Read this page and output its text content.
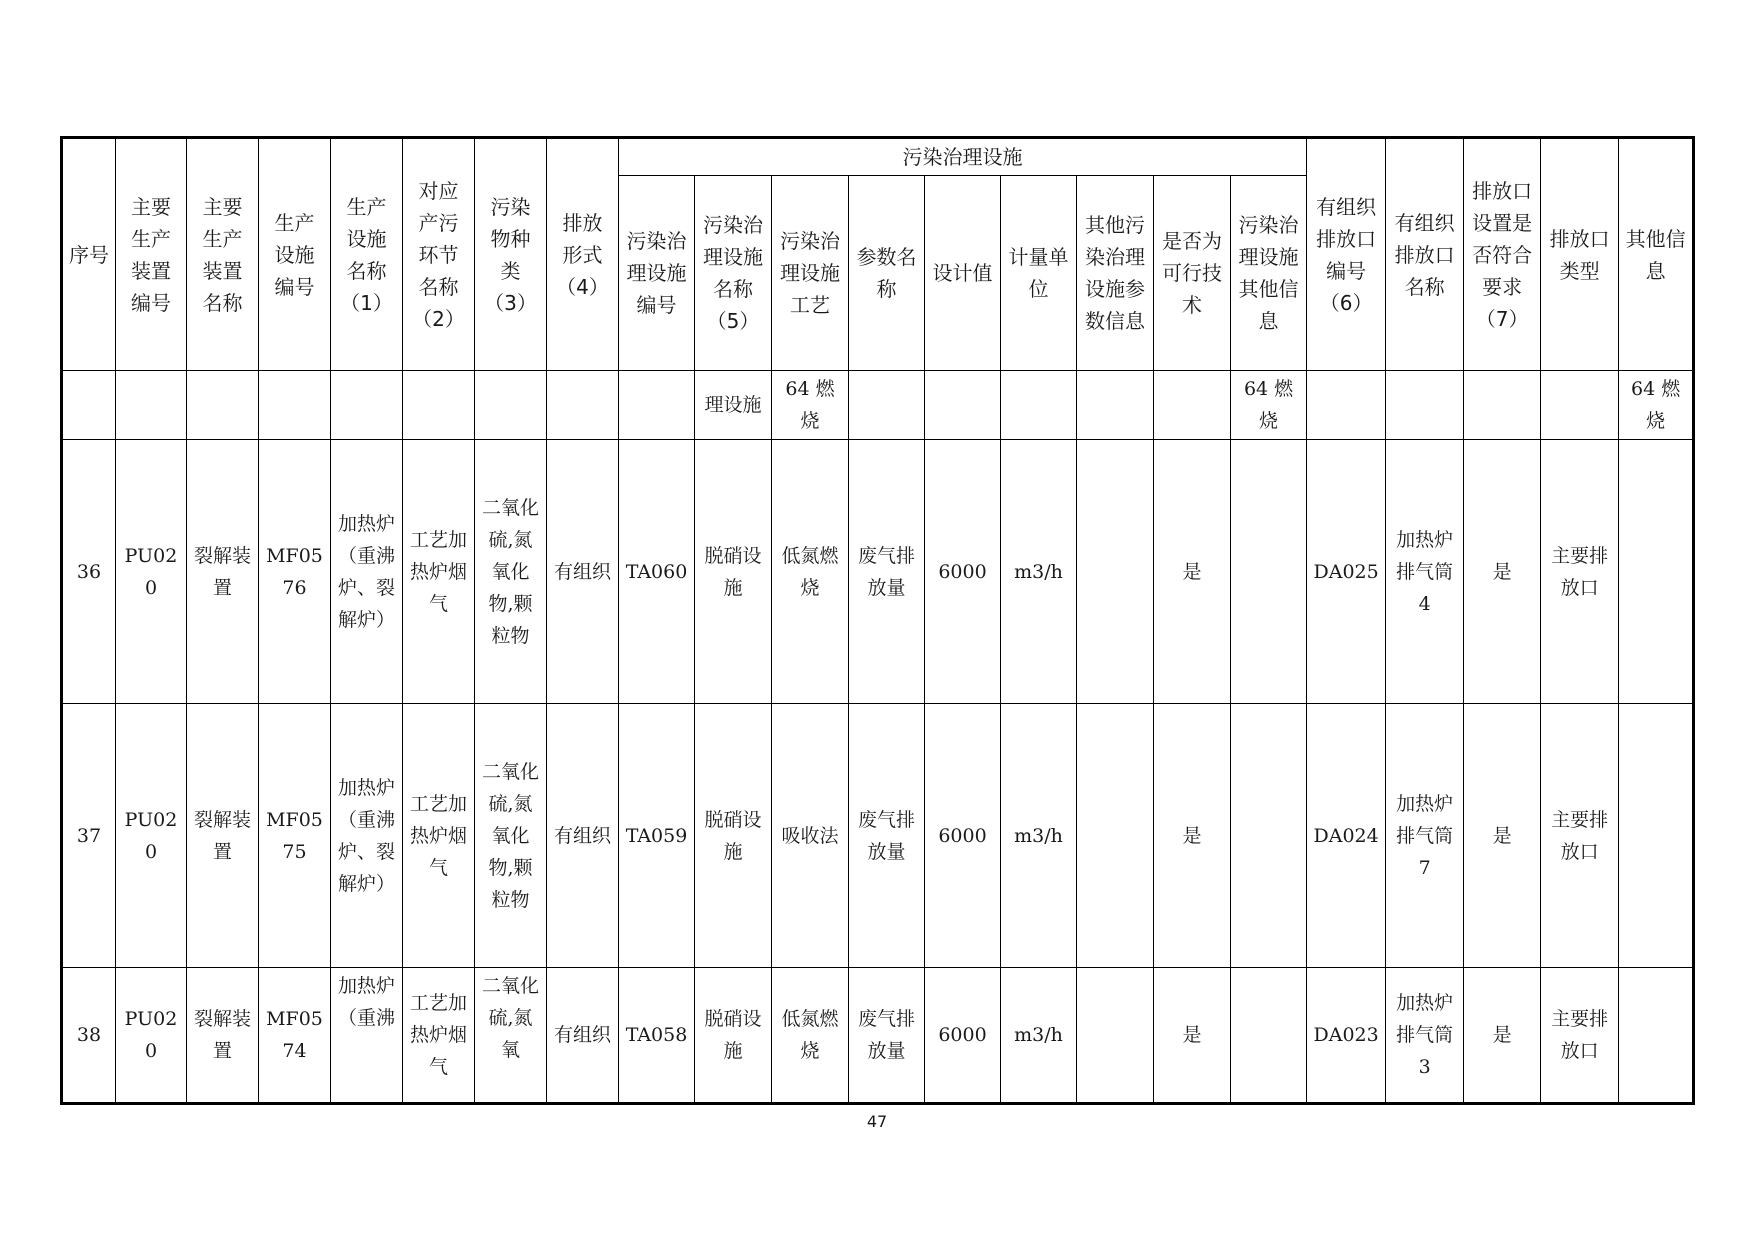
序号	主要生产装置编号	主要生产装置名称	生产设施编号	生产设施名称（1）	对应产污环节名称（2）	污染物种类（3）	排放形式（4）	污染治理设施									有组织排放口编号（6）	有组织排放口名称	排放口设置是否符合要求（7）	排放口类型	其他信息
								污染治理设施编号	污染治理设施名称（5）	污染治理设施工艺	参数名称	设计值	计量单位	其他污染治理设施参数信息	是否为可行技术	污染治理设施其他信息					
									理设施	64 燃烧						64 燃烧					64 燃烧
36	PU020	裂解装置	MF0576	加热炉（重沸炉、裂解炉）	工艺加热炉烟气	二氧化硫,氮氧化物,颗粒物	有组织	TA060	脱硝设施	低氮燃烧	废气排放量	6000	m3/h		是		DA025	加热炉排气筒4	是	主要排放口	
37	PU020	裂解装置	MF0575	加热炉（重沸炉、裂解炉）	工艺加热炉烟气	二氧化硫,氮氧化物,颗粒物	有组织	TA059	脱硝设施	吸收法	废气排放量	6000	m3/h		是		DA024	加热炉排气筒7	是	主要排放口	
38	PU020	裂解装置	MF0574	加热炉（重沸	工艺加热炉烟气	二氧化硫,氮氧	有组织	TA058	脱硝设施	低氮燃烧	废气排放量	6000	m3/h		是		DA023	加热炉排气筒3	是	主要排放口	
47
